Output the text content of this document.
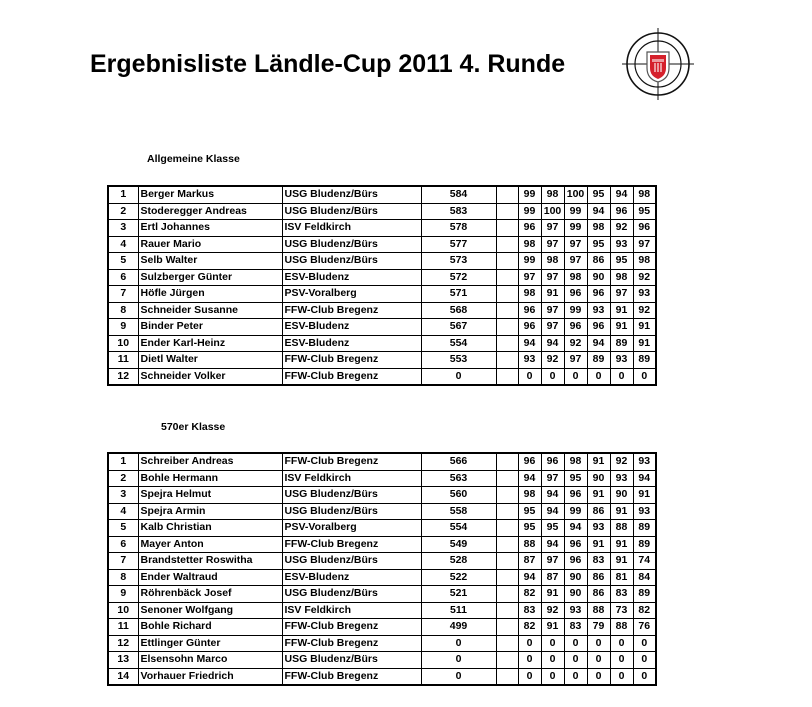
Ergebnisliste Ländle-Cup 2011 4. Runde
Allgemeine Klasse
1	Berger Markus	USG Bludenz/Bürs	584		99	98	100	95	94	98
2	Stoderegger Andreas	USG Bludenz/Bürs	583		99	100	99	94	96	95
3	Ertl Johannes	ISV Feldkirch	578		96	97	99	98	92	96
4	Rauer Mario	USG Bludenz/Bürs	577		98	97	97	95	93	97
5	Selb Walter	USG Bludenz/Bürs	573		99	98	97	86	95	98
6	Sulzberger Günter	ESV-Bludenz	572		97	97	98	90	98	92
7	Höfle Jürgen	PSV-Voralberg	571		98	91	96	96	97	93
8	Schneider Susanne	FFW-Club Bregenz	568		96	97	99	93	91	92
9	Binder Peter	ESV-Bludenz	567		96	97	96	96	91	91
10	Ender Karl-Heinz	ESV-Bludenz	554		94	94	92	94	89	91
11	Dietl Walter	FFW-Club Bregenz	553		93	92	97	89	93	89
12	Schneider Volker	FFW-Club Bregenz	0		0	0	0	0	0	0
570er Klasse
1	Schreiber Andreas	FFW-Club Bregenz	566		96	96	98	91	92	93
2	Bohle Hermann	ISV Feldkirch	563		94	97	95	90	93	94
3	Spejra Helmut	USG Bludenz/Bürs	560		98	94	96	91	90	91
4	Spejra Armin	USG Bludenz/Bürs	558		95	94	99	86	91	93
5	Kalb Christian	PSV-Voralberg	554		95	95	94	93	88	89
6	Mayer Anton	FFW-Club Bregenz	549		88	94	96	91	91	89
7	Brandstetter Roswitha	USG Bludenz/Bürs	528		87	97	96	83	91	74
8	Ender Waltraud	ESV-Bludenz	522		94	87	90	86	81	84
9	Röhrenbäck Josef	USG Bludenz/Bürs	521		82	91	90	86	83	89
10	Senoner Wolfgang	ISV Feldkirch	511		83	92	93	88	73	82
11	Bohle Richard	FFW-Club Bregenz	499		82	91	83	79	88	76
12	Ettlinger Günter	FFW-Club Bregenz	0		0	0	0	0	0	0
13	Elsensohn Marco	USG Bludenz/Bürs	0		0	0	0	0	0	0
14	Vorhauer Friedrich	FFW-Club Bregenz	0		0	0	0	0	0	0
